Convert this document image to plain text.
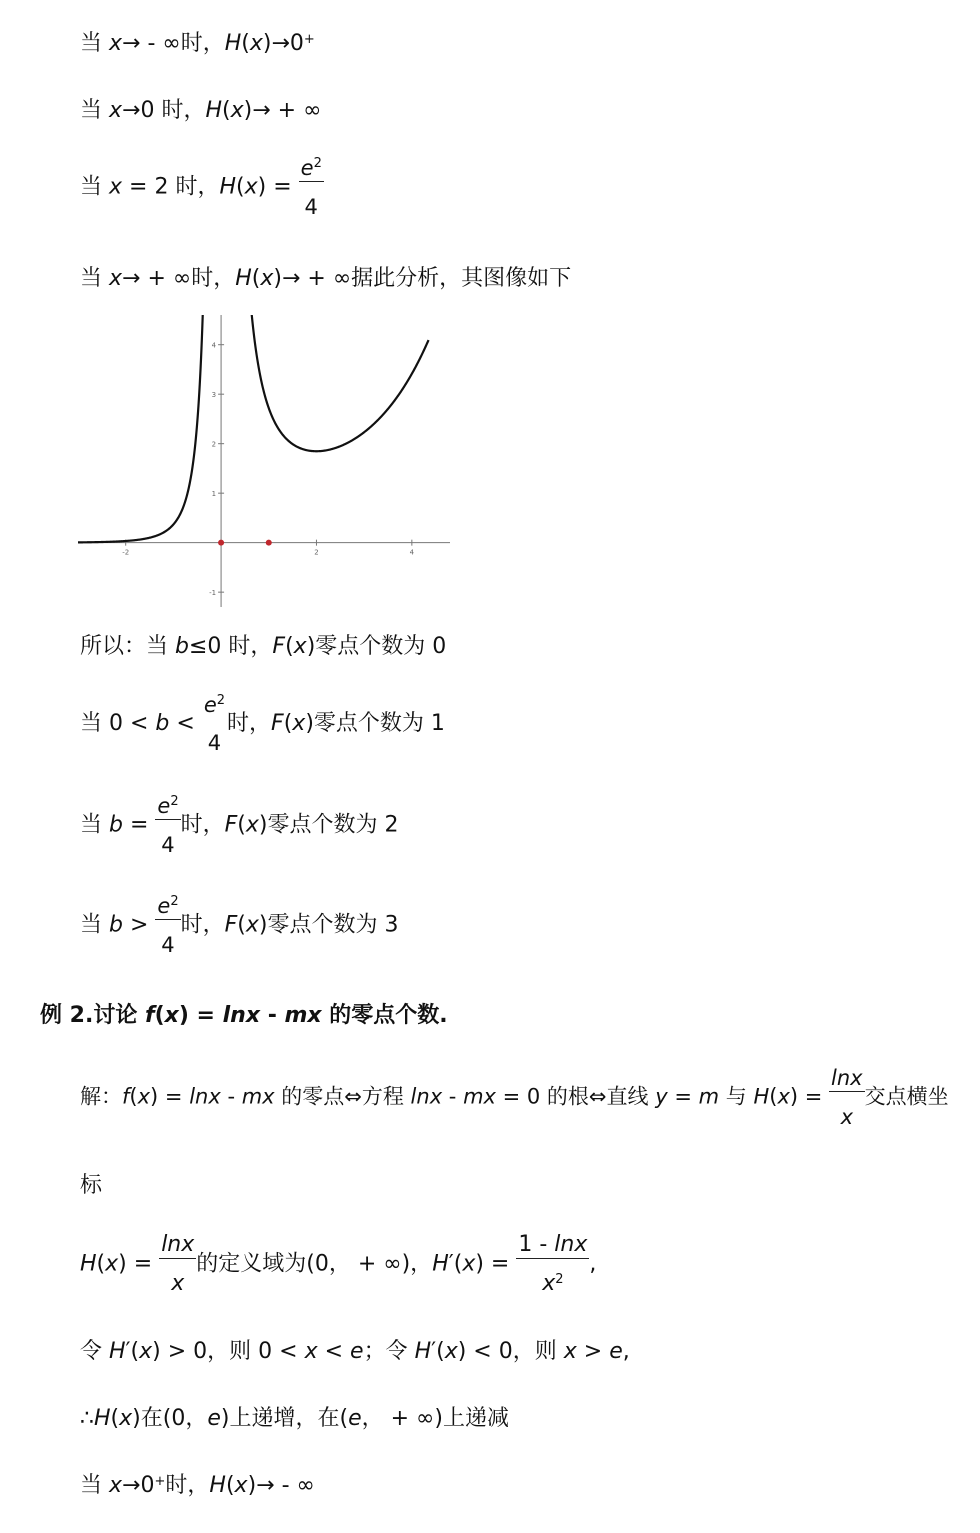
当 x→ - ∞时，H(x)→0+
当 x→0 时，H(x)→ + ∞
当 x = 2 时，$H(x) = \frac{e^2}{4}$
当 x→ + ∞时，H(x)→ + ∞据此分析，其图像如下
-2	2	4
-1
1
2
3
4
所以：当 b≤0 时，F(x)零点个数为 0
当 0 < b <
$e^2$
4
时，F(x)零点个数为 1
当 $b = \frac{e^2}{4}$ 时，F(x)零点个数为 2
当 $b > \frac{e^2}{4}$ 时，F(x)零点个数为 3
例 2.讨论 f(x) = lnx - mx 的零点个数.
解：f(x) = lnx - mx 的零点⇔方程 lnx - mx = 0 的根⇔直线 y = m 与 $H(x) = \frac{\ln x}{x}$ 交点横坐
标
$H(x) = \frac{\ln x}{x}$ 的定义域为(0， + ∞)，$H'(x) = \frac{1 - \ln x}{x^2}$ ,
令 H′(x) > 0，则 0 < x < e；令 H′(x) < 0，则 x > e,
∴H(x)在(0，e)上递增，在(e， + ∞)上递减
当 x→0+时，H(x)→ - ∞
